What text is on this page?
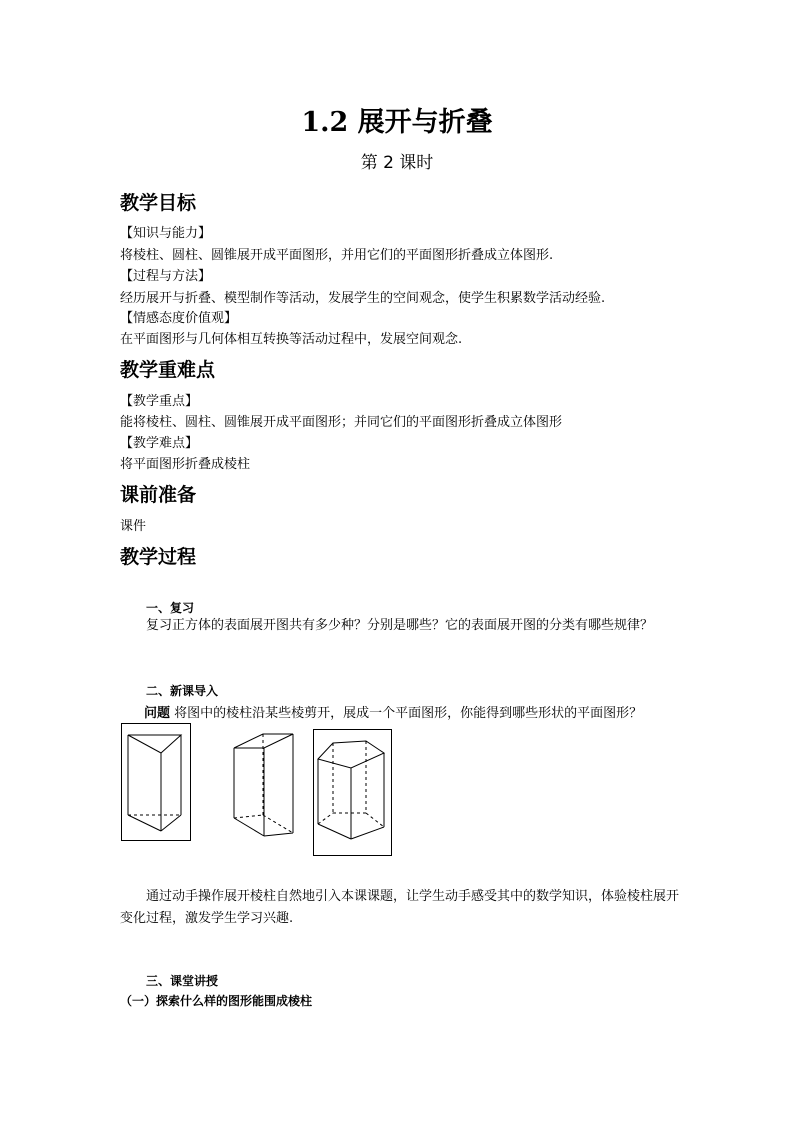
1.2 展开与折叠
第 2 课时
教学目标
【知识与能力】
将棱柱、圆柱、圆锥展开成平面图形，并用它们的平面图形折叠成立体图形.
【过程与方法】
经历展开与折叠、模型制作等活动，发展学生的空间观念，使学生积累数学活动经验.
【情感态度价值观】
在平面图形与几何体相互转换等活动过程中，发展空间观念.
教学重难点
【教学重点】
能将棱柱、圆柱、圆锥展开成平面图形；并同它们的平面图形折叠成立体图形
【教学难点】
将平面图形折叠成棱柱
课前准备
课件
教学过程
一、复习
复习正方体的表面展开图共有多少种？分别是哪些？它的表面展开图的分类有哪些规律？
二、新课导入
问题 将图中的棱柱沿某些棱剪开，展成一个平面图形，你能得到哪些形状的平面图形？
通过动手操作展开棱柱自然地引入本课课题，让学生动手感受其中的数学知识，体验棱柱展开变化过程，激发学生学习兴趣.
三、课堂讲授
（一）探索什么样的图形能围成棱柱
